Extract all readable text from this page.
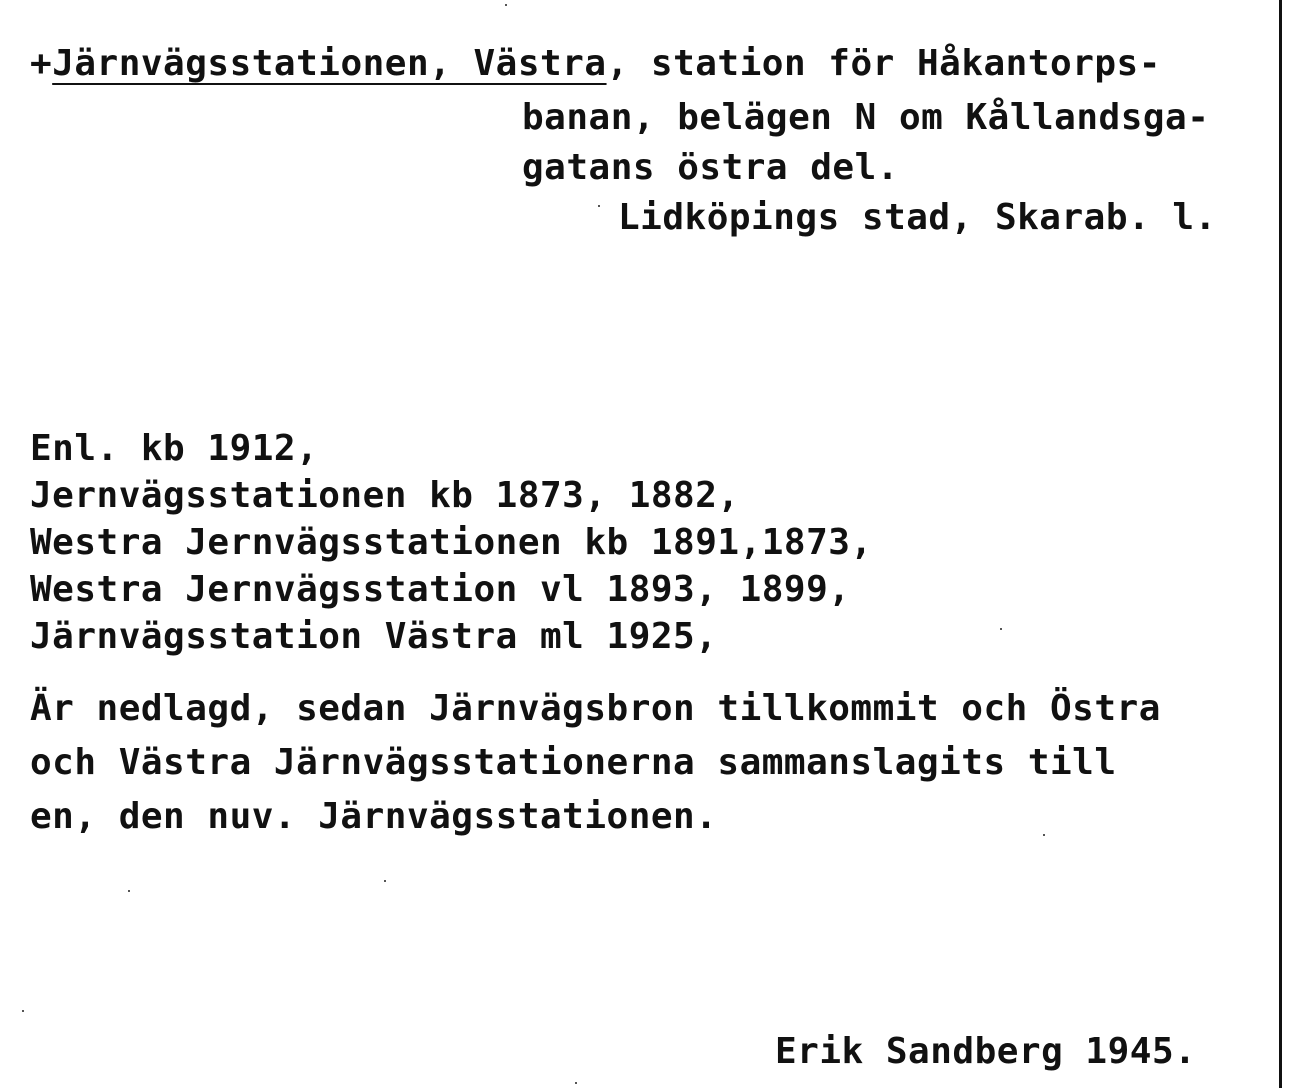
+Järnvägsstationen, Västra, station för Håkantorps-
banan, belägen N om Kållandsga-
gatans östra del.
Lidköpings stad, Skarab. l.
Enl. kb 1912,
Jernvägsstationen kb 1873, 1882,
Westra Jernvägsstationen kb 1891,1873,
Westra Jernvägsstation vl 1893, 1899,
Järnvägsstation Västra ml 1925,
Är nedlagd, sedan Järnvägsbron tillkommit och Östra
och Västra Järnvägsstationerna sammanslagits till
en, den nuv. Järnvägsstationen.
Erik Sandberg 1945.
